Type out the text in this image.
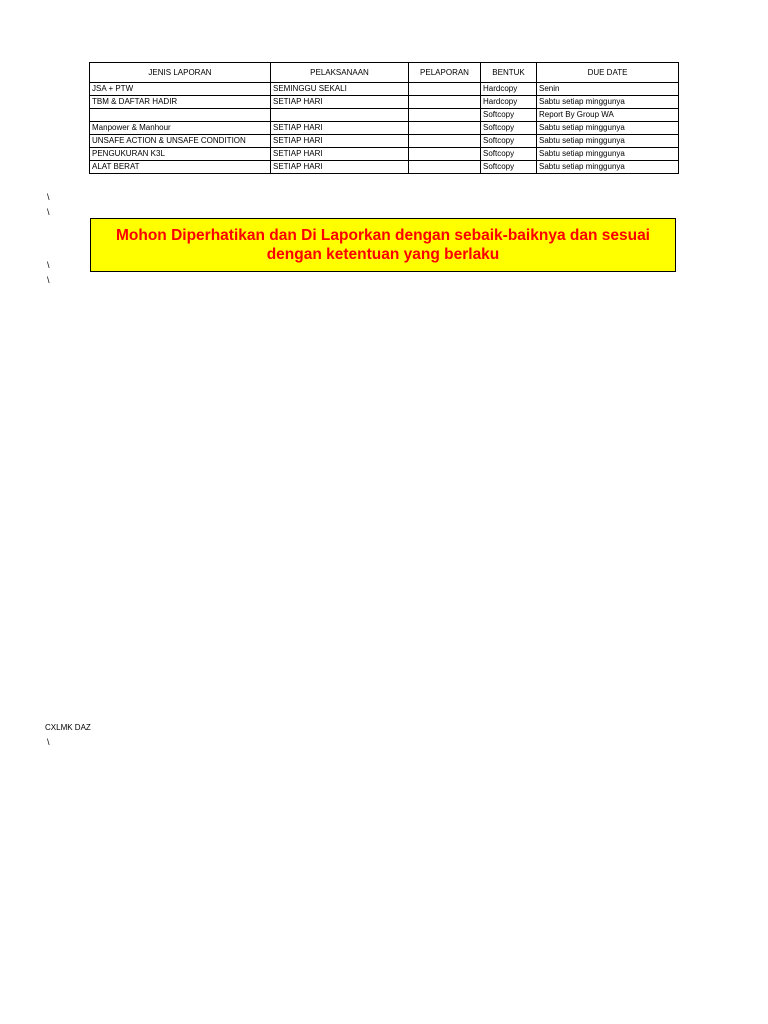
JENIS LAPORAN	PELAKSANAAN	PELAPORAN	BENTUK	DUE DATE
JSA + PTW	SEMINGGU SEKALI		Hardcopy	Senin
TBM & DAFTAR HADIR	SETIAP HARI		Hardcopy	Sabtu setiap minggunya
			Softcopy	Report By Group WA
Manpower & Manhour	SETIAP HARI		Softcopy	Sabtu setiap minggunya
UNSAFE ACTION & UNSAFE CONDITION	SETIAP HARI		Softcopy	Sabtu setiap minggunya
PENGUKURAN K3L	SETIAP HARI		Softcopy	Sabtu setiap minggunya
ALAT BERAT	SETIAP HARI		Softcopy	Sabtu setiap minggunya
\
\
\
\
Mohon Diperhatikan dan Di Laporkan dengan sebaik-baiknya dan sesuai dengan ketentuan yang berlaku
CXLMK DAZ
\
